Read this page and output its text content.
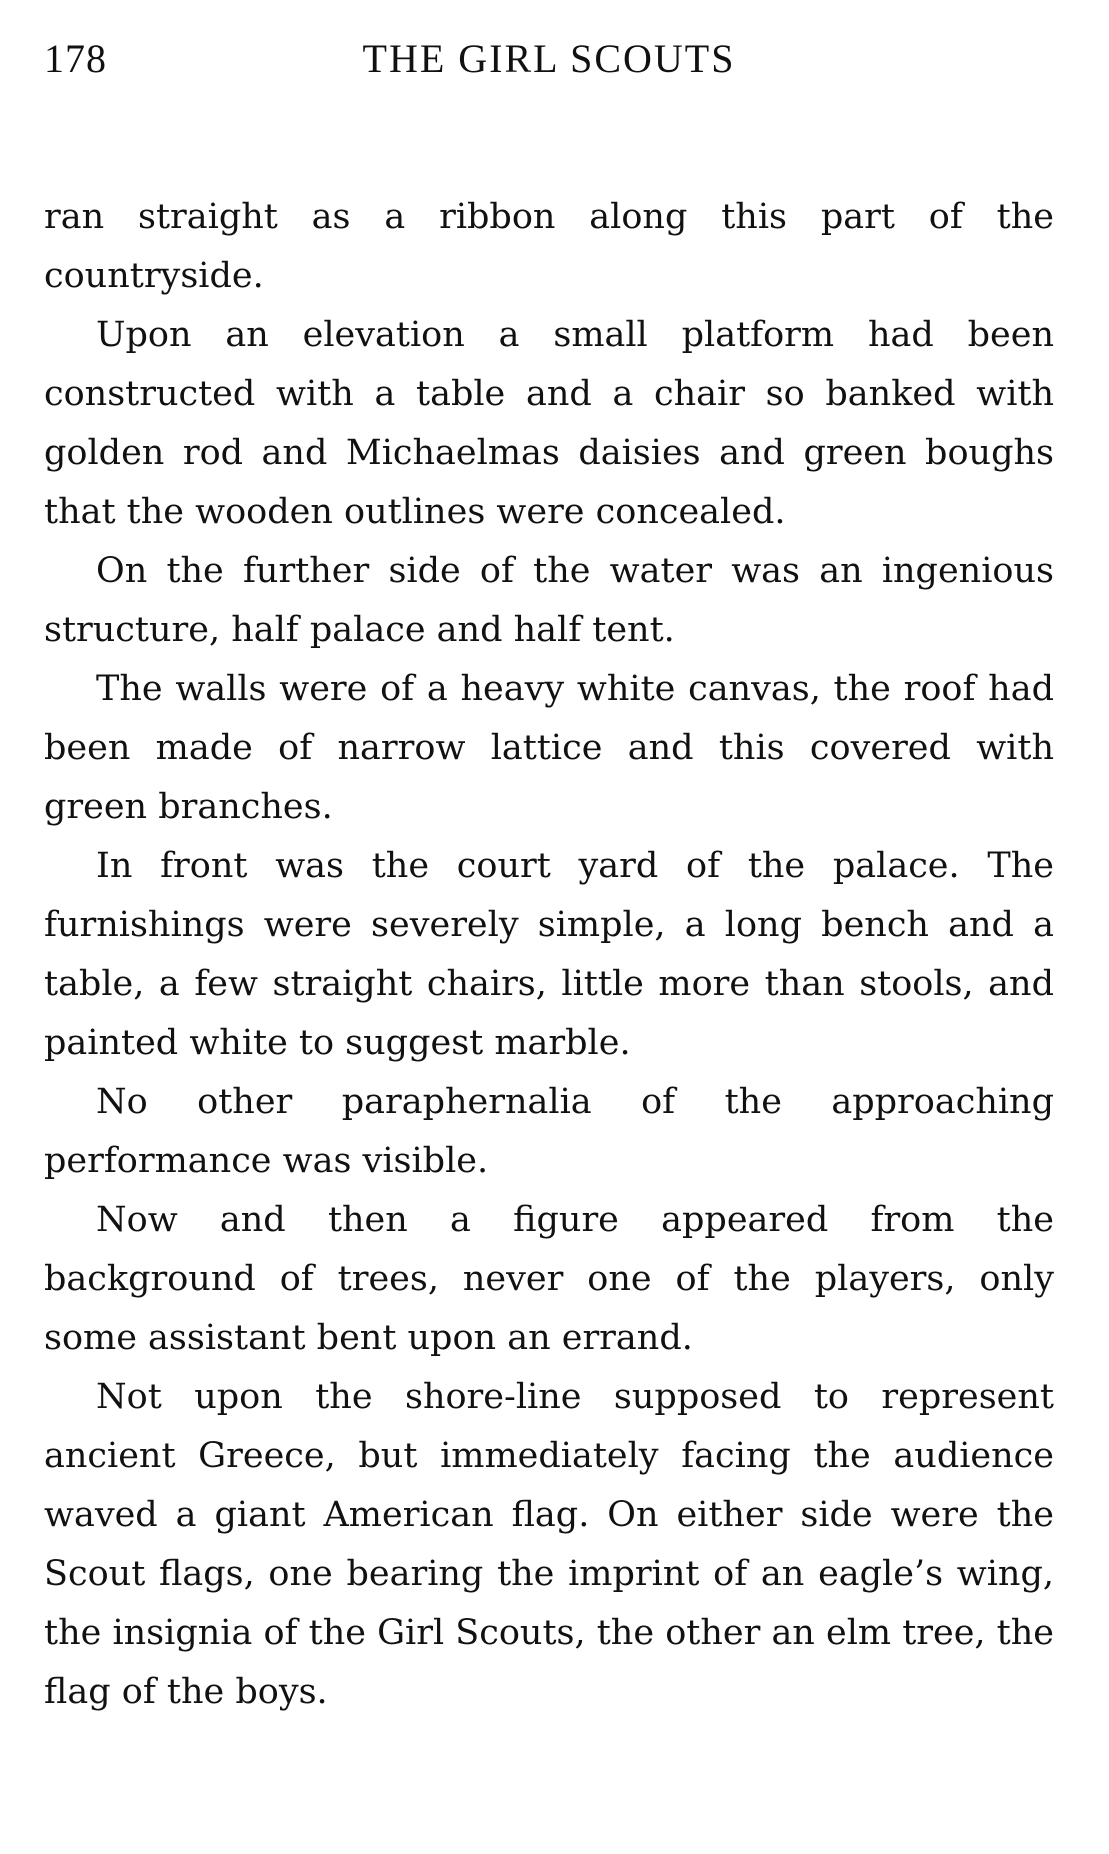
178	THE GIRL SCOUTS

ran straight as a ribbon along this part of the countryside.

Upon an elevation a small platform had been constructed with a table and a chair so banked with golden rod and Michaelmas daisies and green boughs that the wooden outlines were concealed.

On the further side of the water was an ingenious structure, half palace and half tent.

The walls were of a heavy white canvas, the roof had been made of narrow lattice and this covered with green branches.

In front was the court yard of the palace. The furnishings were severely simple, a long bench and a table, a few straight chairs, little more than stools, and painted white to suggest marble.

No other paraphernalia of the approaching performance was visible.

Now and then a figure appeared from the background of trees, never one of the players, only some assistant bent upon an errand.

Not upon the shore-line supposed to represent ancient Greece, but immediately facing the audience waved a giant American flag. On either side were the Scout flags, one bearing the imprint of an eagle’s wing, the insignia of the Girl Scouts, the other an elm tree, the flag of the boys.
